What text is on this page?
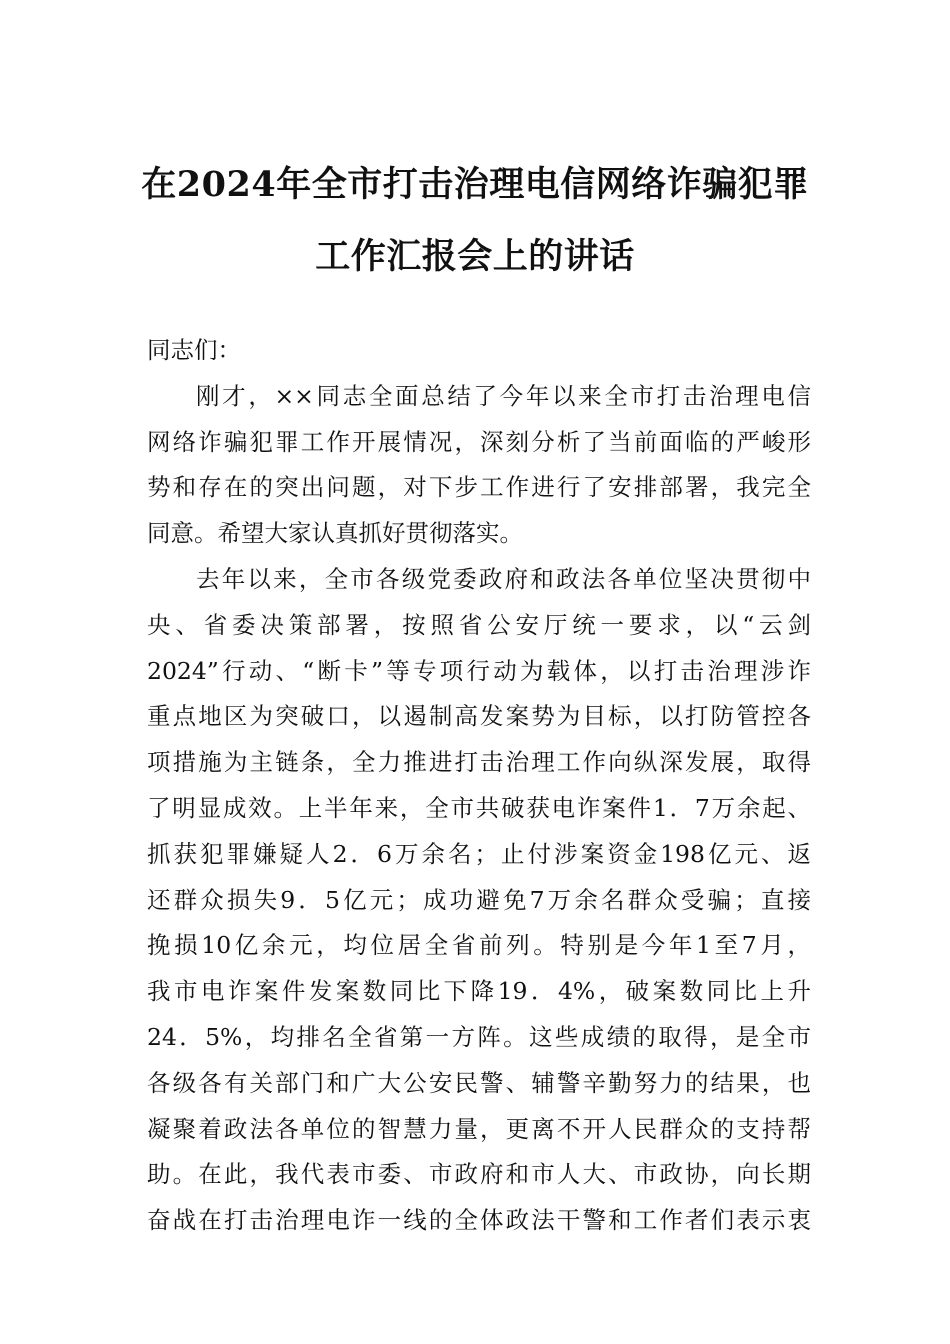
在2024年全市打击治理电信网络诈骗犯罪
工作汇报会上的讲话
同志们：
刚才，××同志全面总结了今年以来全市打击治理电信
网络诈骗犯罪工作开展情况，深刻分析了当前面临的严峻形
势和存在的突出问题，对下步工作进行了安排部署，我完全
同意。希望大家认真抓好贯彻落实。
去年以来，全市各级党委政府和政法各单位坚决贯彻中
央、省委决策部署，按照省公安厅统一要求，以“云剑
2024”行动、“断卡”等专项行动为载体，以打击治理涉诈
重点地区为突破口，以遏制高发案势为目标，以打防管控各
项措施为主链条，全力推进打击治理工作向纵深发展，取得
了明显成效。上半年来，全市共破获电诈案件1．7万余起、
抓获犯罪嫌疑人2．6万余名；止付涉案资金198亿元、返
还群众损失9．5亿元；成功避免7万余名群众受骗；直接
挽损10亿余元，均位居全省前列。特别是今年1至7月，
我市电诈案件发案数同比下降19．4%，破案数同比上升
24．5%，均排名全省第一方阵。这些成绩的取得，是全市
各级各有关部门和广大公安民警、辅警辛勤努力的结果，也
凝聚着政法各单位的智慧力量，更离不开人民群众的支持帮
助。在此，我代表市委、市政府和市人大、市政协，向长期
奋战在打击治理电诈一线的全体政法干警和工作者们表示衷
